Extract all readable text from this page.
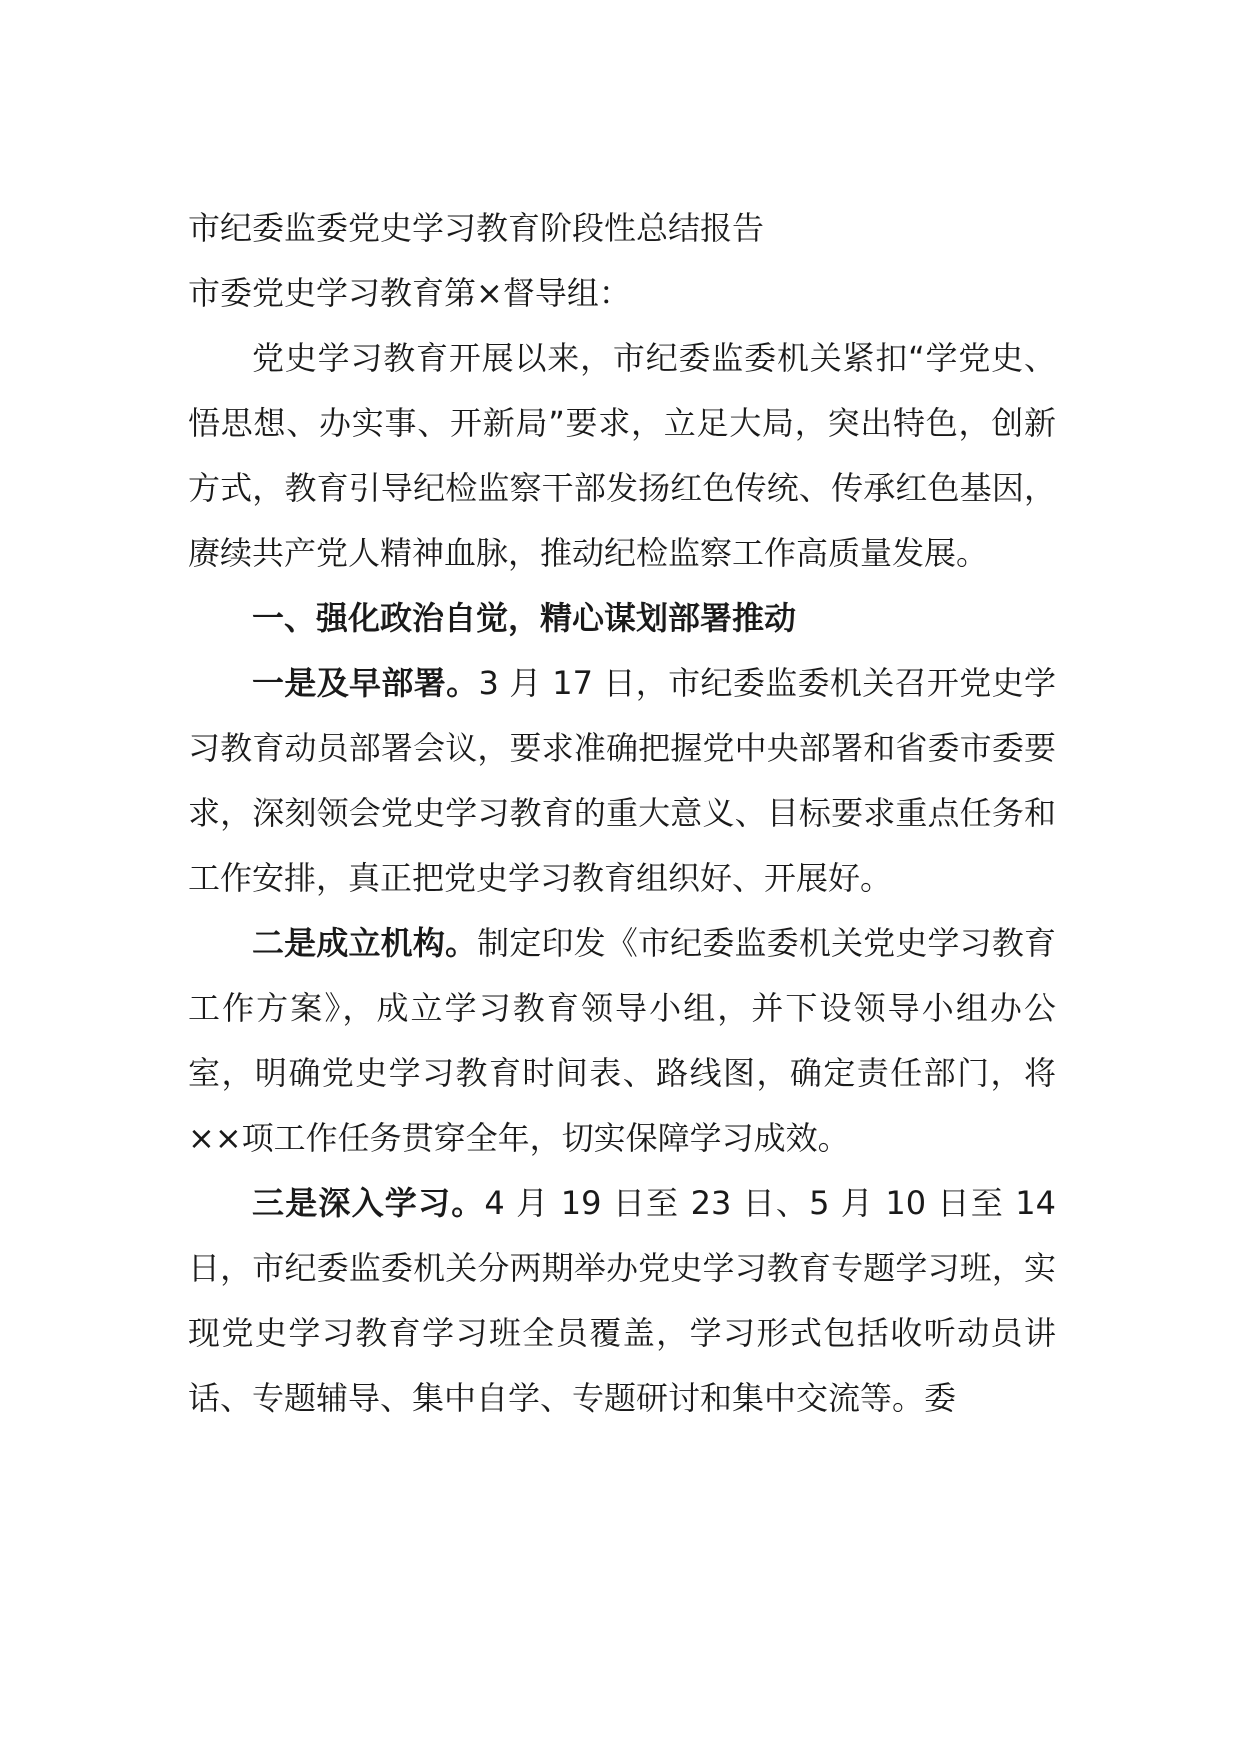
市纪委监委党史学习教育阶段性总结报告

市委党史学习教育第×督导组：

党史学习教育开展以来，市纪委监委机关紧扣“学党史、悟思想、办实事、开新局”要求，立足大局，突出特色，创新方式，教育引导纪检监察干部发扬红色传统、传承红色基因，赓续共产党人精神血脉，推动纪检监察工作高质量发展。

一、强化政治自觉，精心谋划部署推动

一是及早部署。3 月 17 日，市纪委监委机关召开党史学习教育动员部署会议，要求准确把握党中央部署和省委市委要求，深刻领会党史学习教育的重大意义、目标要求重点任务和工作安排，真正把党史学习教育组织好、开展好。

二是成立机构。制定印发《市纪委监委机关党史学习教育工作方案》，成立学习教育领导小组，并下设领导小组办公室，明确党史学习教育时间表、路线图，确定责任部门，将××项工作任务贯穿全年，切实保障学习成效。

三是深入学习。4 月 19 日至 23 日、5 月 10 日至 14 日，市纪委监委机关分两期举办党史学习教育专题学习班，实现党史学习教育学习班全员覆盖，学习形式包括收听动员讲话、专题辅导、集中自学、专题研讨和集中交流等。委
